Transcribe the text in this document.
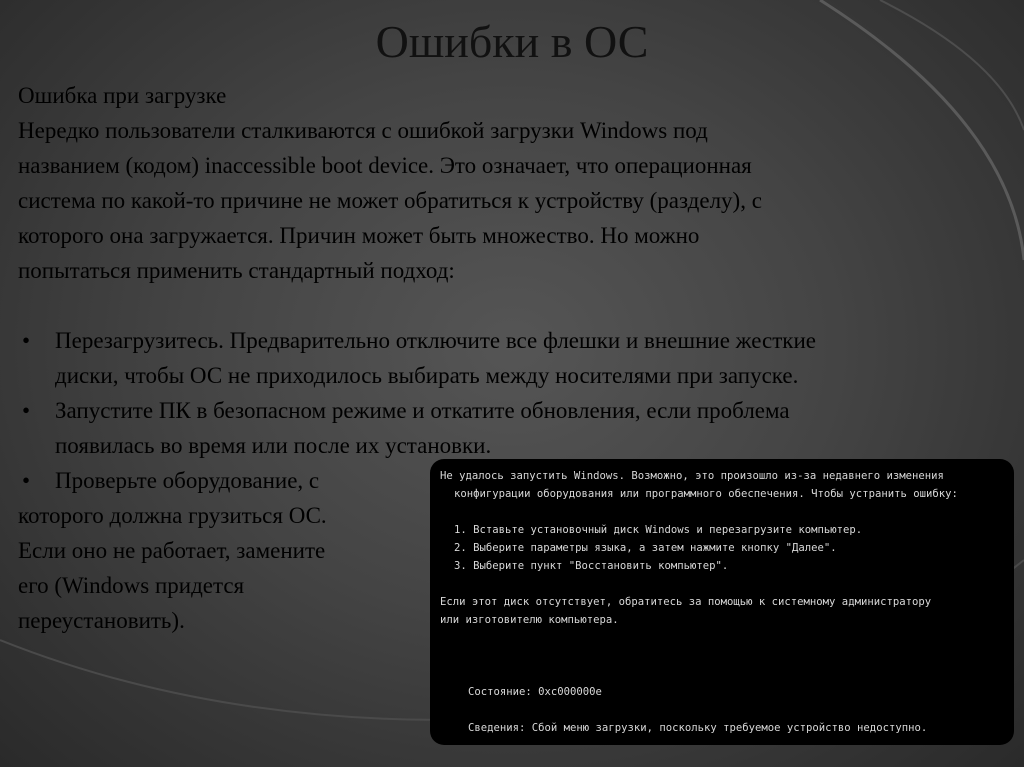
Ошибки в ОС

Ошибка при загрузке

Нередко пользователи сталкиваются с ошибкой загрузки Windows под

названием (кодом) inaccessible boot device. Это означает, что операционная

система по какой-то причине не может обратиться к устройству (разделу), с

которого она загружается. Причин может быть множество. Но можно

попытаться применить стандартный подход:

• Перезагрузитесь. Предварительно отключите все флешки и внешние жесткие

диски, чтобы ОС не приходилось выбирать между носителями при запуске.

• Запустите ПК в безопасном режиме и откатите обновления, если проблема

появилась во время или после их установки.

• Проверьте оборудование, с

которого должна грузиться ОС.

Если оно не работает, замените

его (Windows придется

переустановить).

Не удалось запустить Windows. Возможно, это произошло из-за недавнего изменения

конфигурации оборудования или программного обеспечения. Чтобы устранить ошибку:

1. Вставьте установочный диск Windows и перезагрузите компьютер.

2. Выберите параметры языка, а затем нажмите кнопку "Далее".

3. Выберите пункт "Восстановить компьютер".

Если этот диск отсутствует, обратитесь за помощью к системному администратору

или изготовителю компьютера.

Состояние: 0xc000000e

Сведения: Сбой меню загрузки, поскольку требуемое устройство недоступно.
